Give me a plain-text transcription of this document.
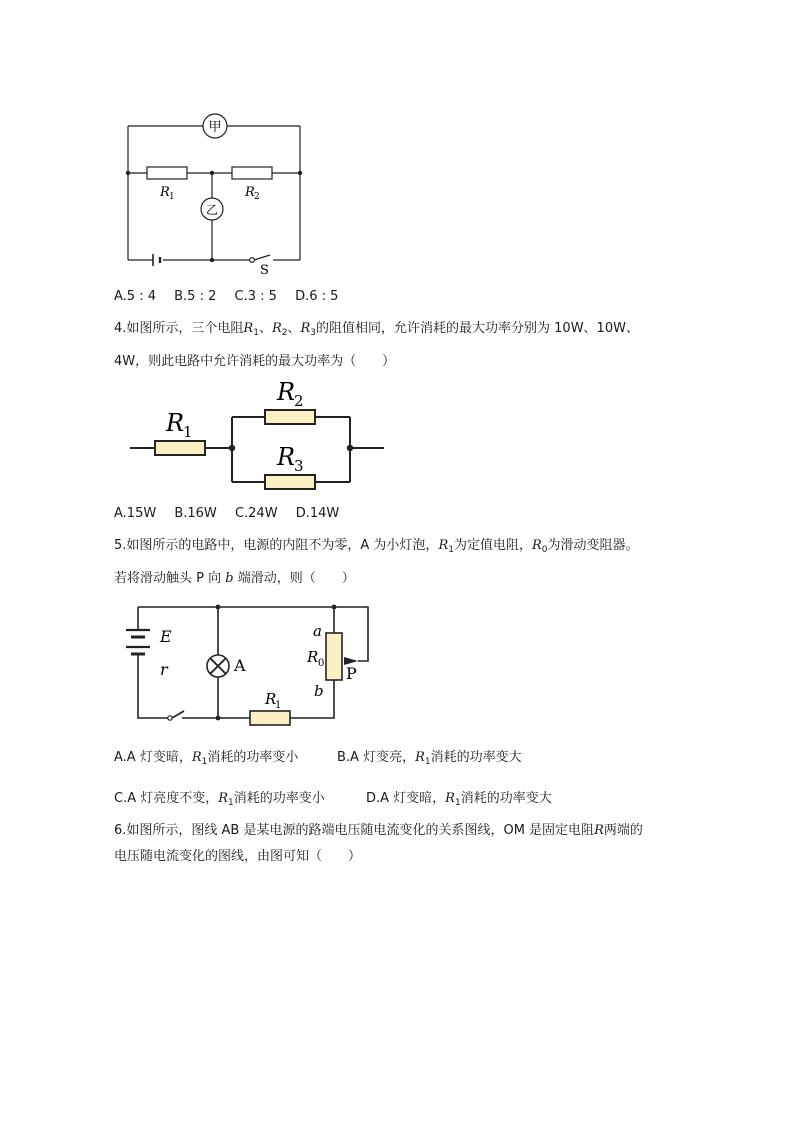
甲
乙
R 1	R 2
S
A.5 : 4 B.5 : 2 C.3 : 5 D.6 : 5
4.如图所示，三个电阻$R_1$、$R_2$、$R_3$的阻值相同，允许消耗的最大功率分别为 10W、10W、
4W，则此电路中允许消耗的最大功率为（　　）
R
1
R
2
R
3
A.15W B.16W C.24W D.14W
5.如图所示的电路中，电源的内阻不为零，A 为小灯泡，$R_1$为定值电阻，$R_0$为滑动变阻器。
若将滑动触头 P 向 b 端滑动，则（　　）
E
r	A
a
R 0
b
P
R
1
A.A 灯变暗，$R_1$消耗的功率变小	B.A 灯变亮，$R_1$消耗的功率变大
C.A 灯亮度不变，$R_1$消耗的功率变小	D.A 灯变暗，$R_1$消耗的功率变大
6.如图所示，图线 AB 是某电源的路端电压随电流变化的关系图线，OM 是固定电阻R两端的
电压随电流变化的图线，由图可知（　　）
